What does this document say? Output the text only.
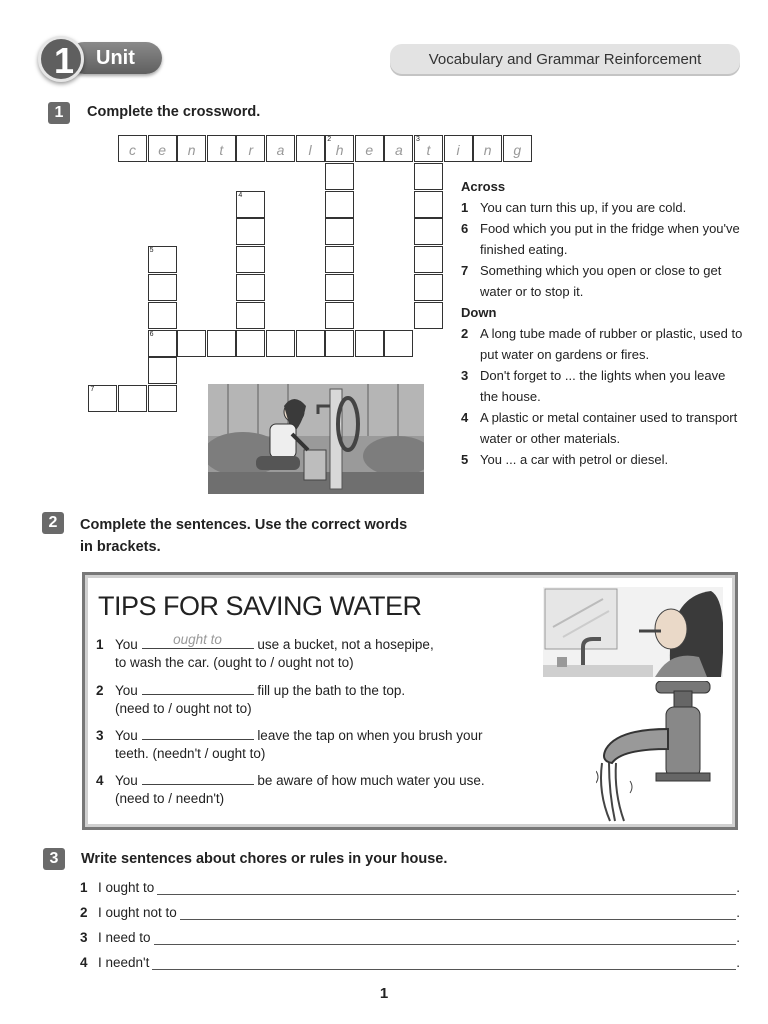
Unit
1	Vocabulary and Grammar Reinforcement
1	Complete the crossword.
c	e	n	t	r	a	l
2
h	e	a
3
t	i	n	g
4
5
6
7
Across
1 You can turn this up, if you are cold.
6 Food which you put in the fridge when you've finished eating.
7 Something which you open or close to get water or to stop it.
Down
2 A long tube made of rubber or plastic, used to put water on gardens or fires.
3 Don't forget to ... the lights when you leave the house.
4 A plastic or metal container used to transport water or other materials.
5 You ... a car with petrol or diesel.
2	Complete the sentences. Use the correct words
in brackets.
TIPS FOR SAVING WATER
1 You	ought to	use a bucket, not a hosepipe,
to wash the car. (ought to / ought not to)
2 You	fill up the bath to the top.
(need to / ought not to)
3 You	leave the tap on when you brush your
teeth. (needn't / ought to)
4 You	be aware of how much water you use.
(need to / needn't)
3	Write sentences about chores or rules in your house.
1 I ought to	.
2 I ought not to	.
3 I need to	.
4 I needn't	.
1
